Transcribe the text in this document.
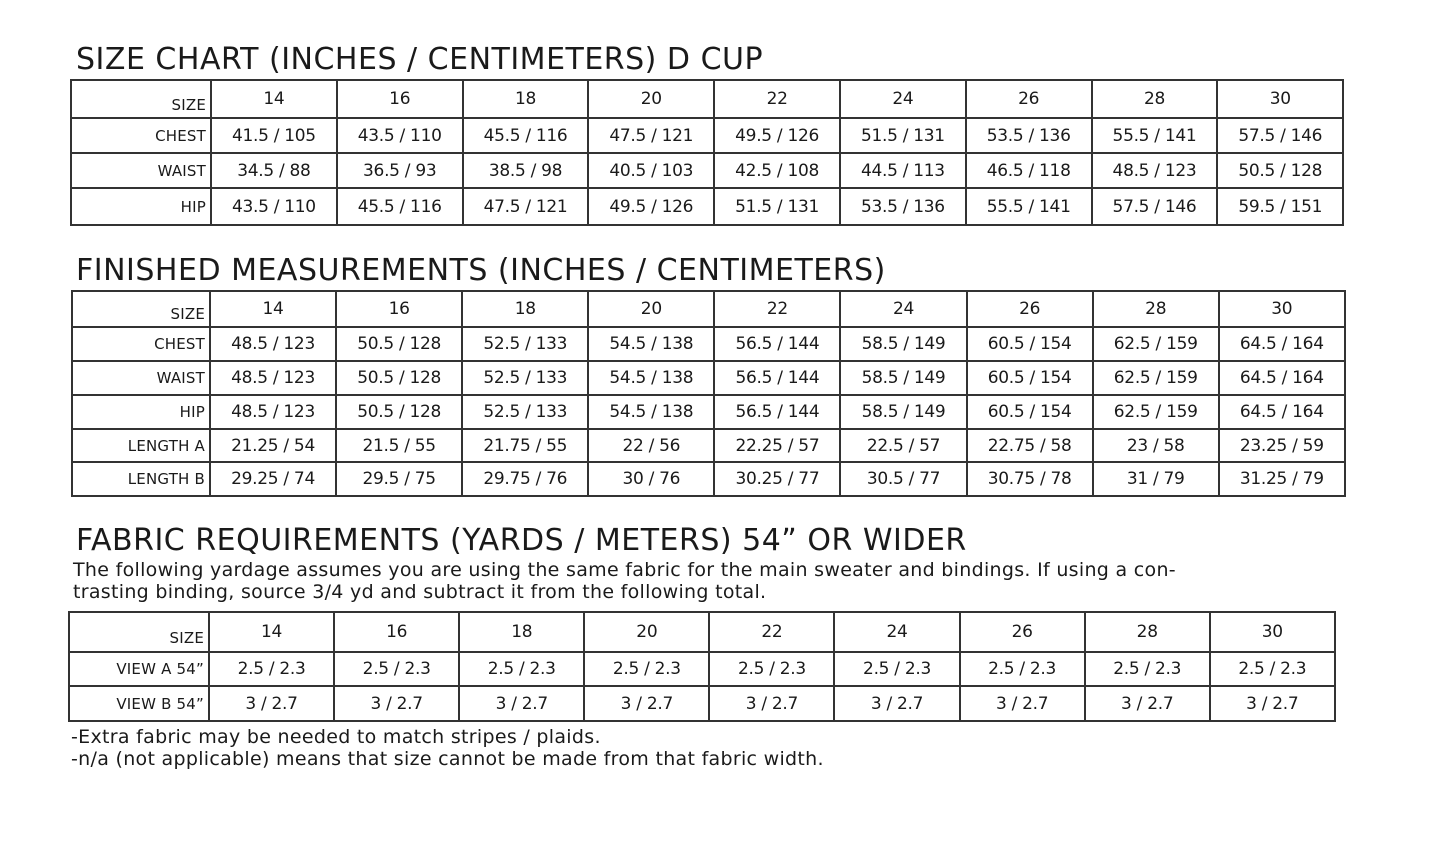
SIZE CHART (INCHES / CENTIMETERS) D CUP
SIZE	14	16	18	20	22	24	26	28	30
CHEST	41.5 / 105	43.5 / 110	45.5 / 116	47.5 / 121	49.5 / 126	51.5 / 131	53.5 / 136	55.5 / 141	57.5 / 146
WAIST	34.5 / 88	36.5 / 93	38.5 / 98	40.5 / 103	42.5 / 108	44.5 / 113	46.5 / 118	48.5 / 123	50.5 / 128
HIP	43.5 / 110	45.5 / 116	47.5 / 121	49.5 / 126	51.5 / 131	53.5 / 136	55.5 / 141	57.5 / 146	59.5 / 151
FINISHED MEASUREMENTS (INCHES / CENTIMETERS)
SIZE	14	16	18	20	22	24	26	28	30
CHEST	48.5 / 123	50.5 / 128	52.5 / 133	54.5 / 138	56.5 / 144	58.5 / 149	60.5 / 154	62.5 / 159	64.5 / 164
WAIST	48.5 / 123	50.5 / 128	52.5 / 133	54.5 / 138	56.5 / 144	58.5 / 149	60.5 / 154	62.5 / 159	64.5 / 164
HIP	48.5 / 123	50.5 / 128	52.5 / 133	54.5 / 138	56.5 / 144	58.5 / 149	60.5 / 154	62.5 / 159	64.5 / 164
LENGTH A	21.25 / 54	21.5 / 55	21.75 / 55	22 / 56	22.25 / 57	22.5 / 57	22.75 / 58	23 / 58	23.25 / 59
LENGTH B	29.25 / 74	29.5 / 75	29.75 / 76	30 / 76	30.25 / 77	30.5 / 77	30.75 / 78	31 / 79	31.25 / 79
FABRIC REQUIREMENTS (YARDS / METERS) 54” OR WIDER

The following yardage assumes you are using the same fabric for the main sweater and bindings. If using a con-

trasting binding, source 3/4 yd and subtract it from the following total.

SIZE	14	16	18	20	22	24	26	28	30
VIEW A 54”	2.5 / 2.3	2.5 / 2.3	2.5 / 2.3	2.5 / 2.3	2.5 / 2.3	2.5 / 2.3	2.5 / 2.3	2.5 / 2.3	2.5 / 2.3
VIEW B 54”	3 / 2.7	3 / 2.7	3 / 2.7	3 / 2.7	3 / 2.7	3 / 2.7	3 / 2.7	3 / 2.7	3 / 2.7

-Extra fabric may be needed to match stripes / plaids.

-n/a (not applicable) means that size cannot be made from that fabric width.
